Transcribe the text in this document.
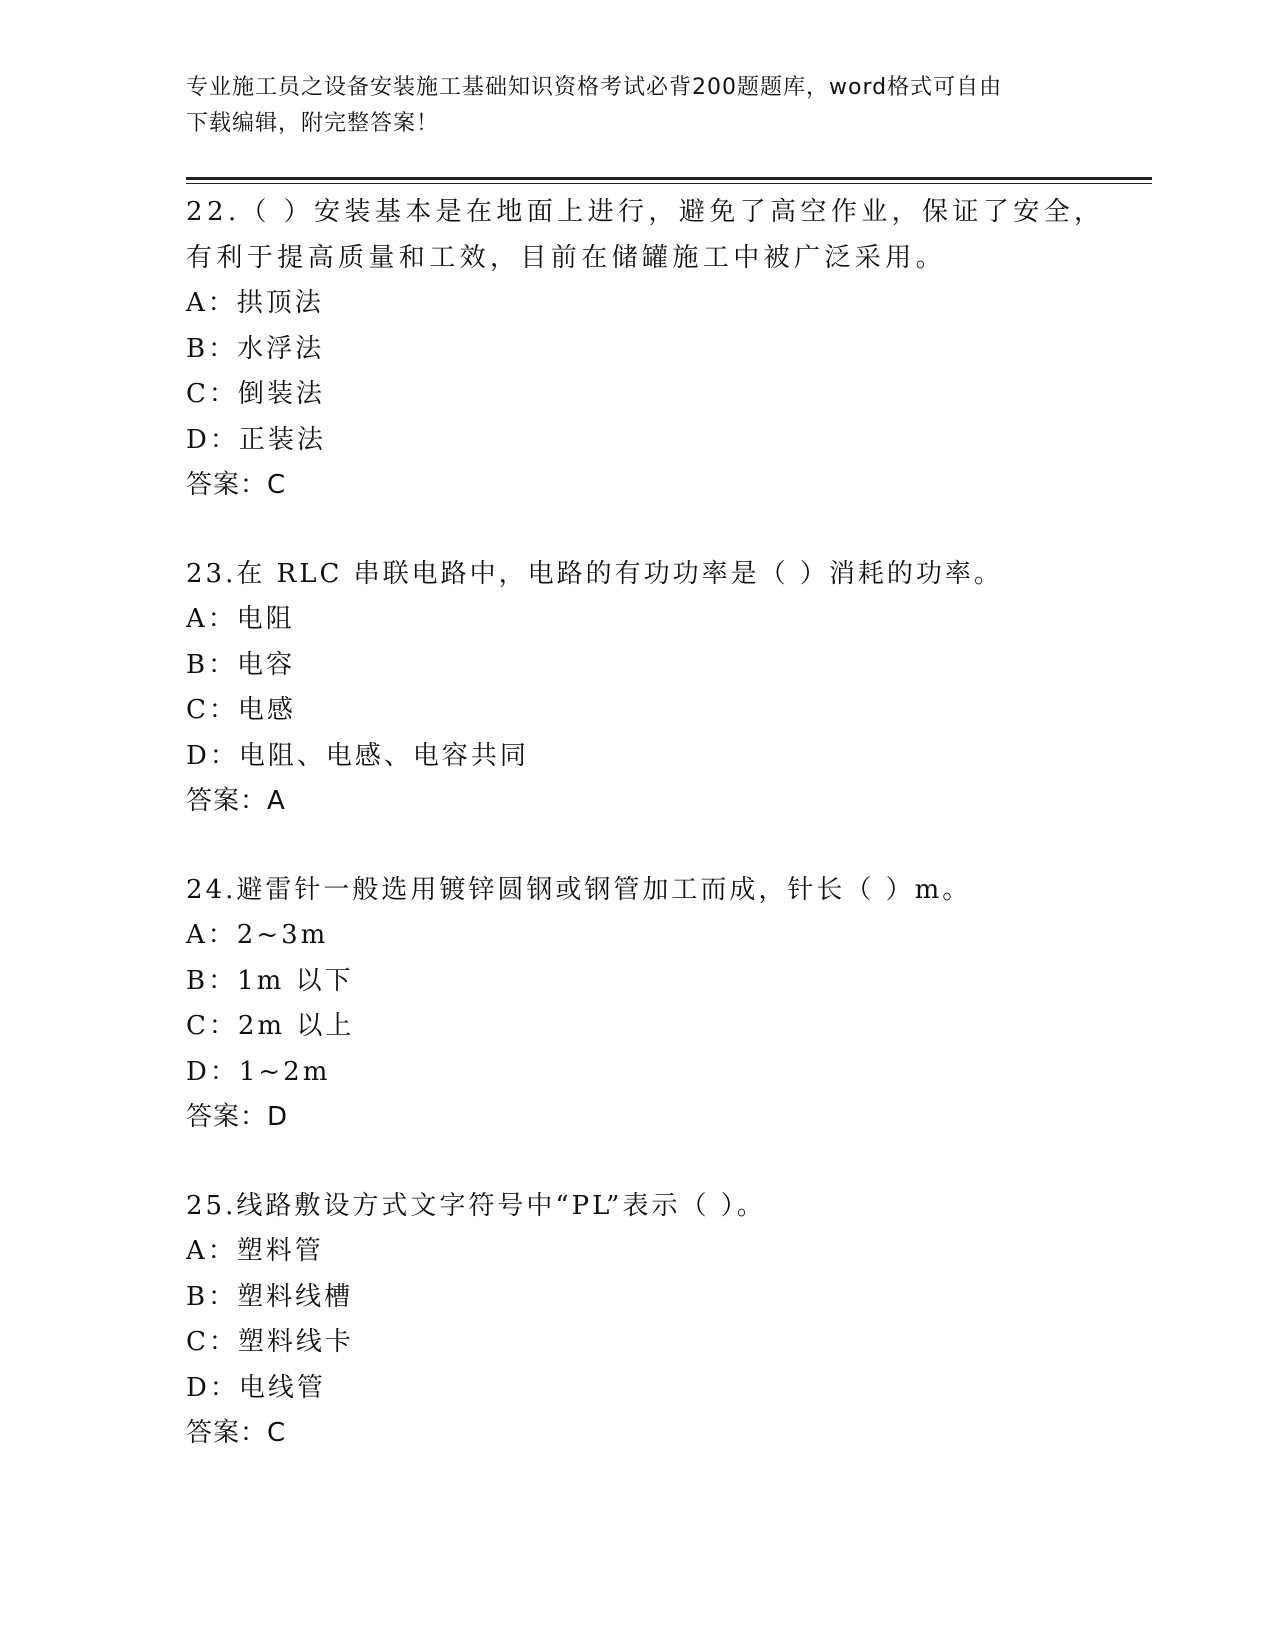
专业施工员之设备安装施工基础知识资格考试必背200题题库，word格式可自由
下载编辑，附完整答案！
22.（ ）安装基本是在地面上进行，避免了高空作业，保证了安全，
有利于提高质量和工效，目前在储罐施工中被广泛采用。
A：拱顶法
B：水浮法
C：倒装法
D：正装法
答案：C
23.在 RLC 串联电路中，电路的有功功率是（ ）消耗的功率。
A：电阻
B：电容
C：电感
D：电阻、电感、电容共同
答案：A
24.避雷针一般选用镀锌圆钢或钢管加工而成，针长（ ）m。
A：2~3m
B：1m 以下
C：2m 以上
D：1~2m
答案：D
25.线路敷设方式文字符号中“PL”表示（ ）。
A：塑料管
B：塑料线槽
C：塑料线卡
D：电线管
答案：C
